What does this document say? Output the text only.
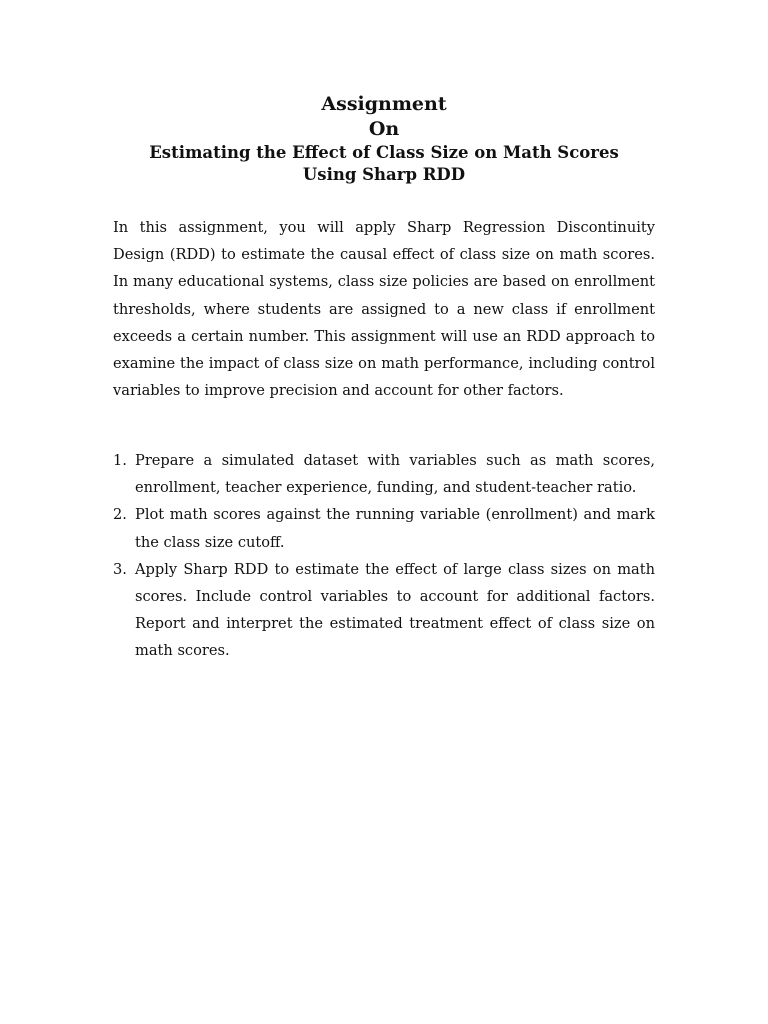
Assignment
On
Estimating the Effect of Class Size on Math Scores
Using Sharp RDD

In this assignment, you will apply Sharp Regression Discontinuity Design (RDD) to estimate the causal effect of class size on math scores. In many educational systems, class size policies are based on enrollment thresholds, where students are assigned to a new class if enrollment exceeds a certain number. This assignment will use an RDD approach to examine the impact of class size on math performance, including control variables to improve precision and account for other factors.

1. Prepare a simulated dataset with variables such as math scores, enrollment, teacher experience, funding, and student-teacher ratio.
2. Plot math scores against the running variable (enrollment) and mark the class size cutoff.
3. Apply Sharp RDD to estimate the effect of large class sizes on math scores. Include control variables to account for additional factors. Report and interpret the estimated treatment effect of class size on math scores.
